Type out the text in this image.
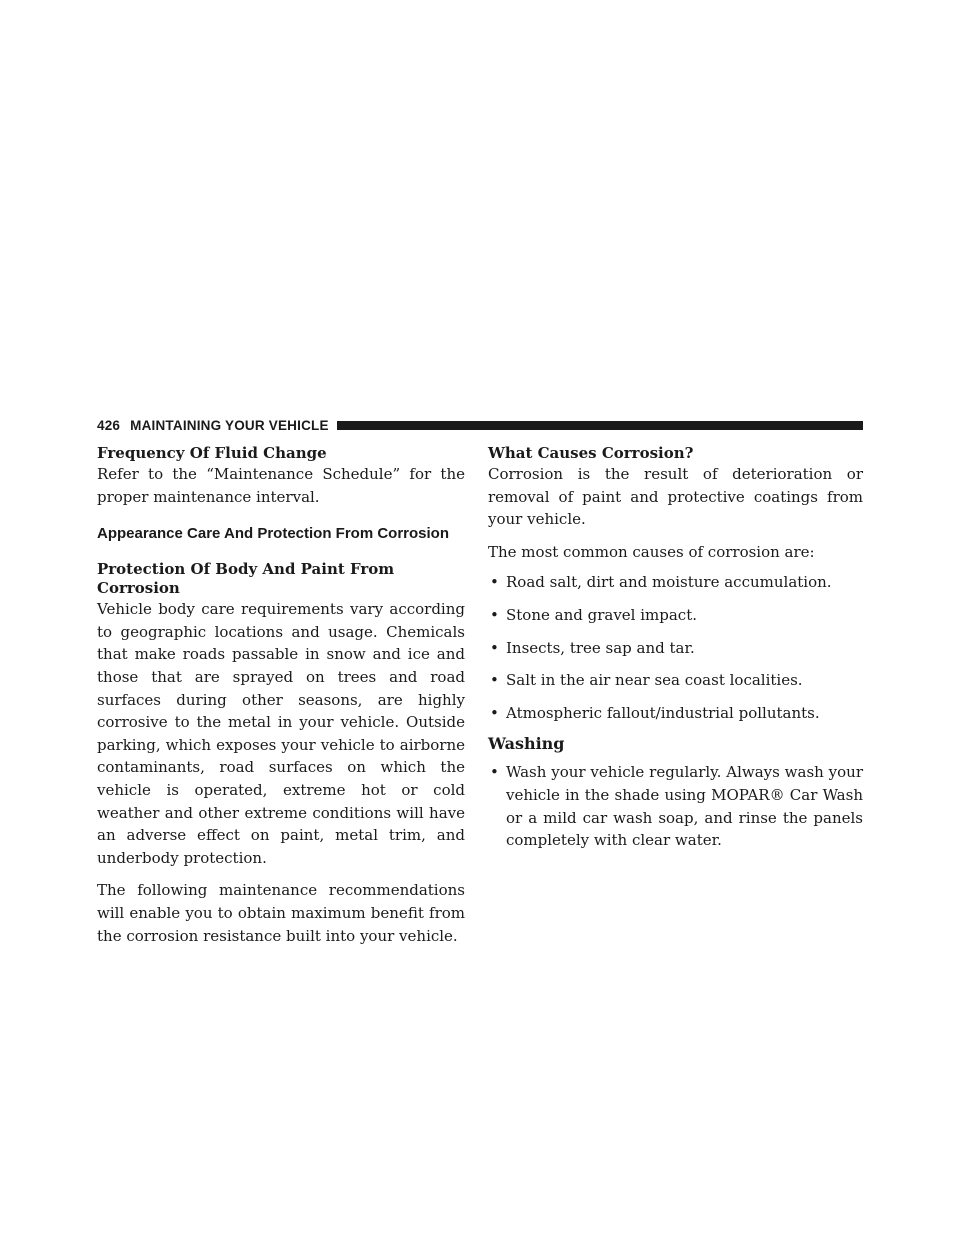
426 MAINTAINING YOUR VEHICLE
Frequency Of Fluid Change

Refer to the “Maintenance Schedule” for the proper maintenance interval.

Appearance Care And Protection From Corrosion
Protection Of Body And Paint From Corrosion

Vehicle body care requirements vary according to geographic locations and usage. Chemicals that make roads passable in snow and ice and those that are sprayed on trees and road surfaces during other seasons, are highly corrosive to the metal in your vehicle. Outside parking, which exposes your vehicle to airborne contaminants, road surfaces on which the vehicle is operated, extreme hot or cold weather and other extreme conditions will have an adverse effect on paint, metal trim, and underbody protection.

The following maintenance recommendations will enable you to obtain maximum benefit from the corrosion resistance built into your vehicle.

What Causes Corrosion?

Corrosion is the result of deterioration or removal of paint and protective coatings from your vehicle.

The most common causes of corrosion are:

• Road salt, dirt and moisture accumulation.
• Stone and gravel impact.
• Insects, tree sap and tar.
• Salt in the air near sea coast localities.
• Atmospheric fallout/industrial pollutants.
Washing
• Wash your vehicle regularly. Always wash your vehicle in the shade using MOPAR® Car Wash or a mild car wash soap, and rinse the panels completely with clear water.
